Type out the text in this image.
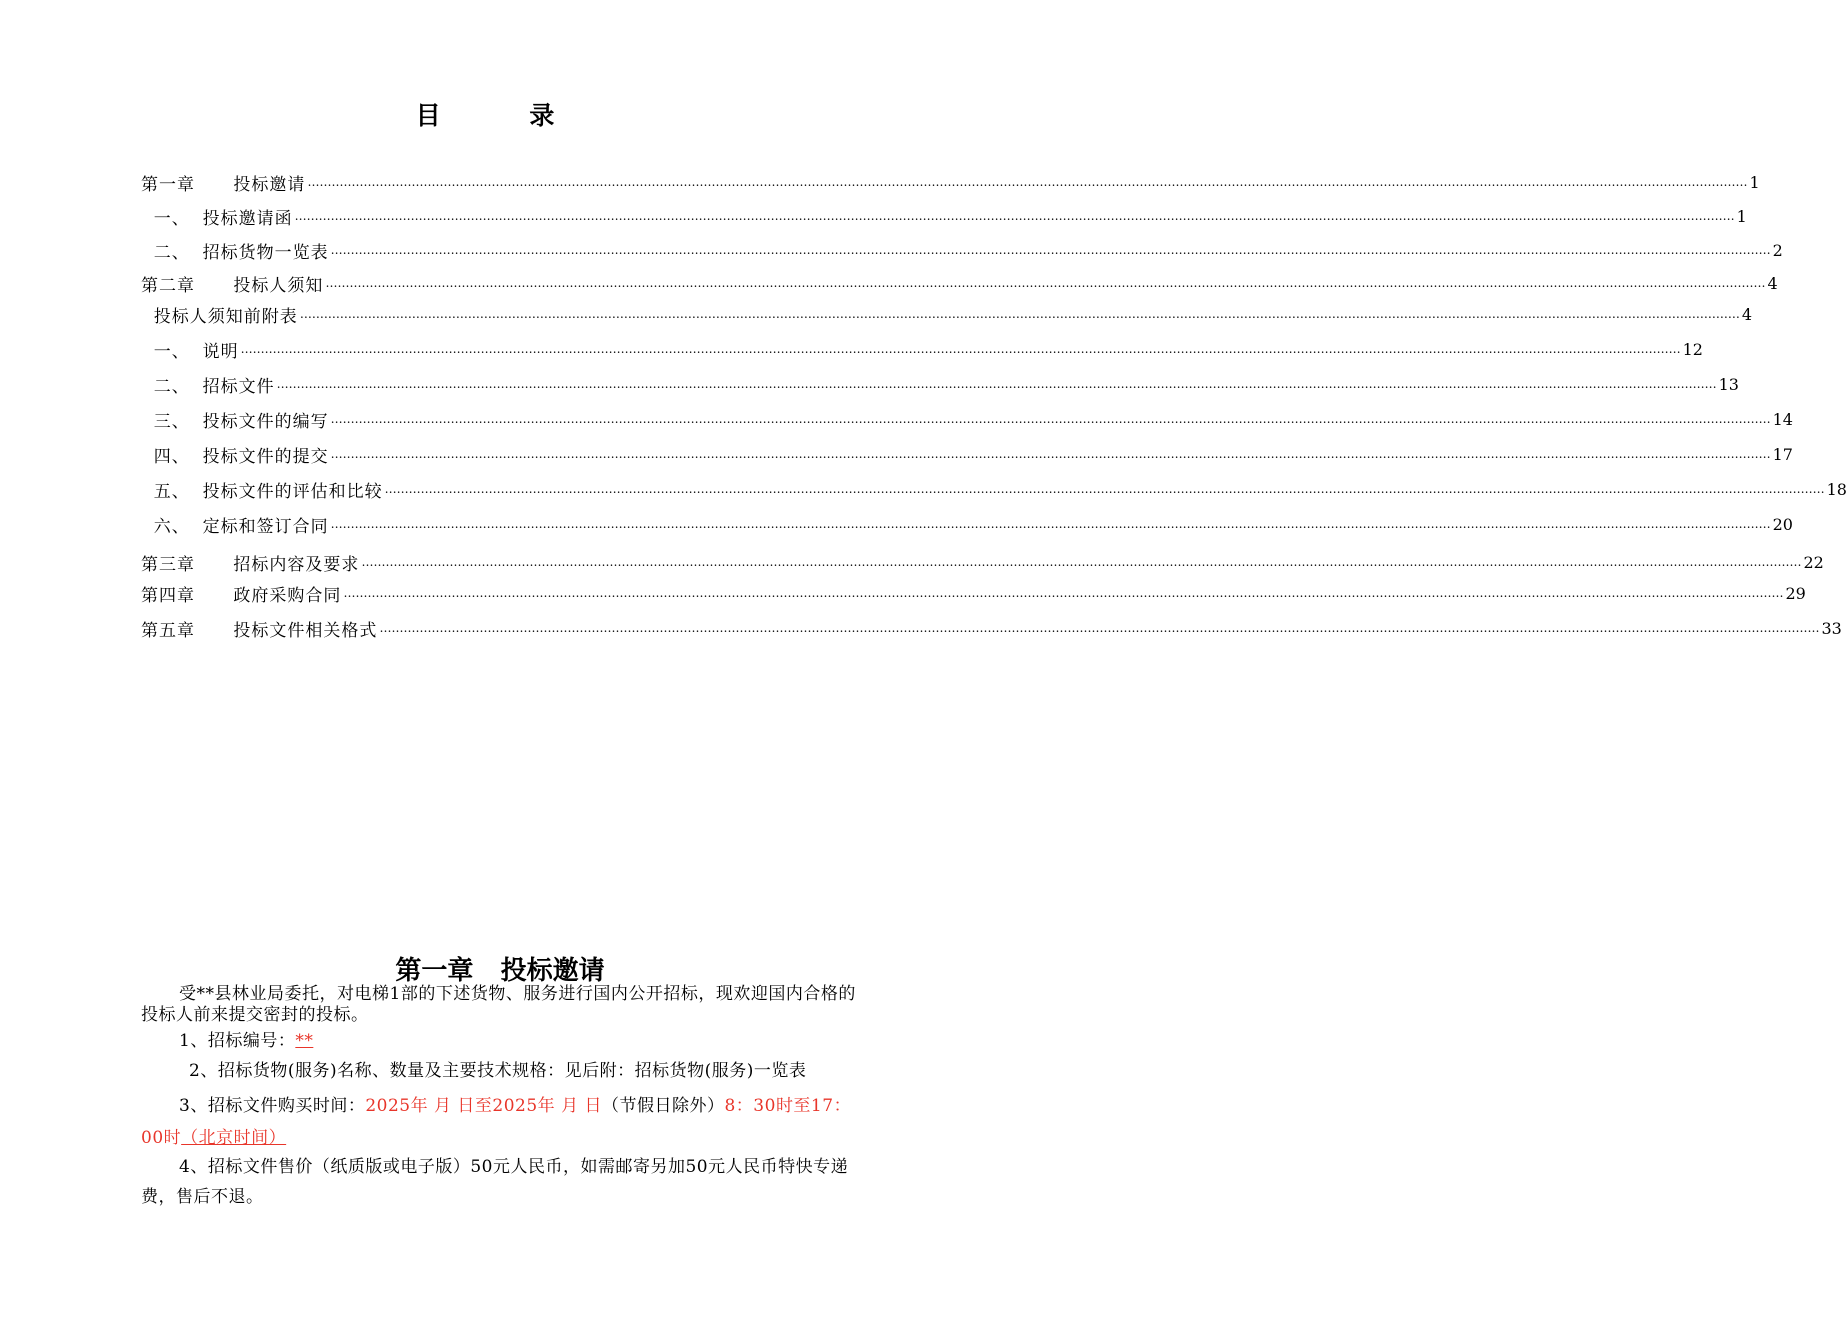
目 录
第一章      投标邀请 ……………………………………………………………………………………………………………………………………………………………………………………………………………………………………………………………………………………………………………………………… 1
一、  投标邀请函 ……………………………………………………………………………………………………………………………………………………………………………………………………………………………………………………………………………………………………………………………… 1
二、  招标货物一览表 ……………………………………………………………………………………………………………………………………………………………………………………………………………………………………………………………………………………………………………………………… 2
第二章      投标人须知 ……………………………………………………………………………………………………………………………………………………………………………………………………………………………………………………………………………………………………………………………… 4
投标人须知前附表 ……………………………………………………………………………………………………………………………………………………………………………………………………………………………………………………………………………………………………………………………… 4
一、  说明 ……………………………………………………………………………………………………………………………………………………………………………………………………………………………………………………………………………………………………………………………… 12
二、  招标文件 ……………………………………………………………………………………………………………………………………………………………………………………………………………………………………………………………………………………………………………………………… 13
三、  投标文件的编写 ……………………………………………………………………………………………………………………………………………………………………………………………………………………………………………………………………………………………………………………………… 14
四、  投标文件的提交 ……………………………………………………………………………………………………………………………………………………………………………………………………………………………………………………………………………………………………………………………… 17
五、  投标文件的评估和比较 ……………………………………………………………………………………………………………………………………………………………………………………………………………………………………………………………………………………………………………………………… 18
六、  定标和签订合同 ……………………………………………………………………………………………………………………………………………………………………………………………………………………………………………………………………………………………………………………………… 20
第三章      招标内容及要求 ……………………………………………………………………………………………………………………………………………………………………………………………………………………………………………………………………………………………………………………………… 22
第四章      政府采购合同 ……………………………………………………………………………………………………………………………………………………………………………………………………………………………………………………………………………………………………………………………… 29
第五章      投标文件相关格式 ……………………………………………………………………………………………………………………………………………………………………………………………………………………………………………………………………………………………………………………………… 33
第一章 投标邀请
受**县林业局委托，对电梯1部的下述货物、服务进行国内公开招标，现欢迎国内合格的投标人前来提交密封的投标。
1、招标编号：**
2、招标货物(服务)名称、数量及主要技术规格：见后附：招标货物(服务)一览表
3、招标文件购买时间：2025年 月 日至2025年 月 日（节假日除外）8：30时至17：00时（北京时间）
4、招标文件售价（纸质版或电子版）50元人民币，如需邮寄另加50元人民币特快专递费，售后不退。
